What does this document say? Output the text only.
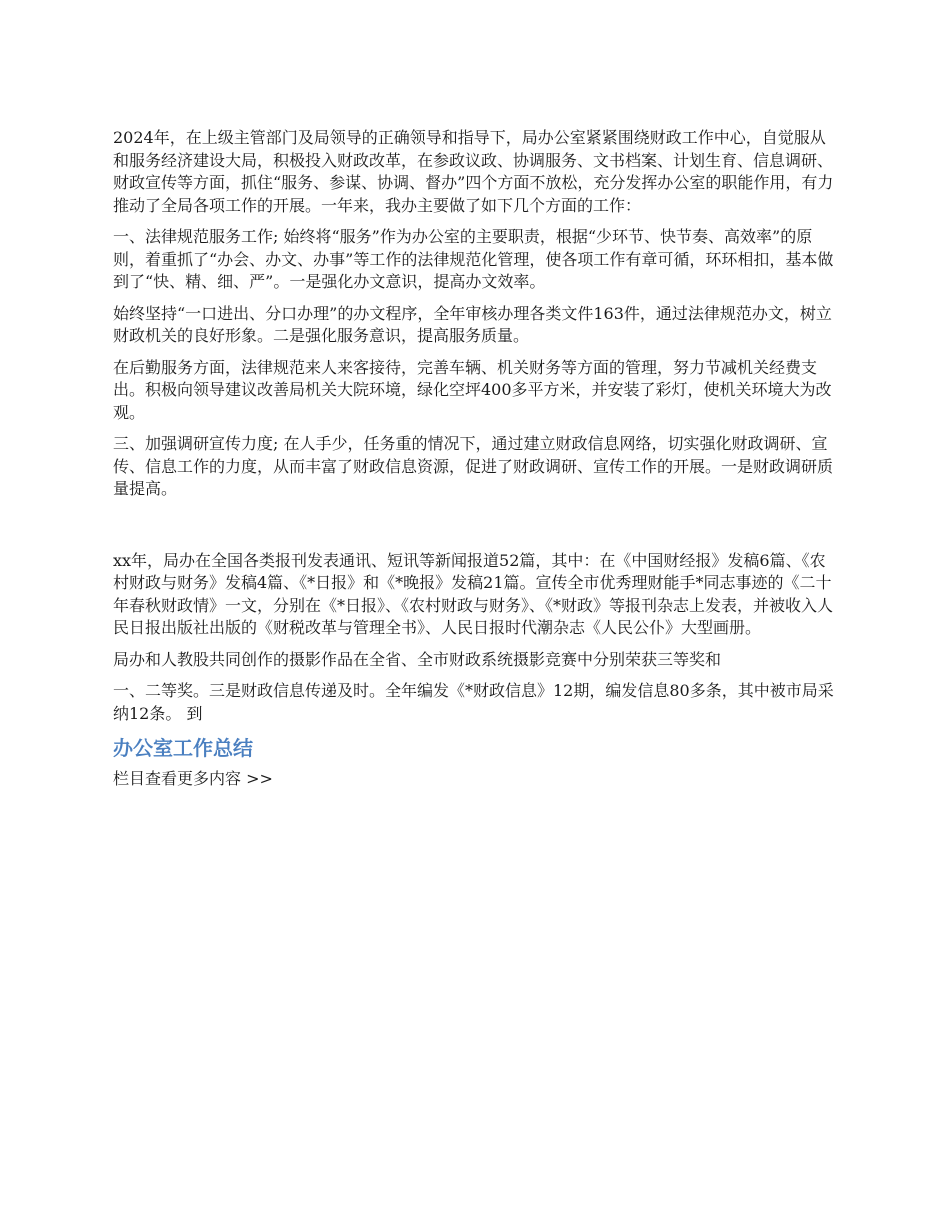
2024年，在上级主管部门及局领导的正确领导和指导下，局办公室紧紧围绕财政工作中心，自觉服从和服务经济建设大局，积极投入财政改革，在参政议政、协调服务、文书档案、计划生育、信息调研、财政宣传等方面，抓住“服务、参谋、协调、督办”四个方面不放松，充分发挥办公室的职能作用，有力推动了全局各项工作的开展。一年来，我办主要做了如下几个方面的工作：

一、法律规范服务工作; 始终将“服务”作为办公室的主要职责，根据“少环节、快节奏、高效率”的原则，着重抓了“办会、办文、办事”等工作的法律规范化管理，使各项工作有章可循，环环相扣，基本做到了“快、精、细、严”。一是强化办文意识，提高办文效率。

始终坚持“一口进出、分口办理”的办文程序，全年审核办理各类文件163件，通过法律规范办文，树立财政机关的良好形象。二是强化服务意识，提高服务质量。

在后勤服务方面，法律规范来人来客接待，完善车辆、机关财务等方面的管理，努力节减机关经费支出。积极向领导建议改善局机关大院环境，绿化空坪400多平方米，并安装了彩灯，使机关环境大为改观。

三、加强调研宣传力度; 在人手少，任务重的情况下，通过建立财政信息网络，切实强化财政调研、宣传、信息工作的力度，从而丰富了财政信息资源，促进了财政调研、宣传工作的开展。一是财政调研质量提高。

xx年，局办在全国各类报刊发表通讯、短讯等新闻报道52篇，其中：在《中国财经报》发稿6篇、《农村财政与财务》发稿4篇、《*日报》和《*晚报》发稿21篇。宣传全市优秀理财能手*同志事迹的《二十年春秋财政情》一文，分别在《*日报》、《农村财政与财务》、《*财政》等报刊杂志上发表，并被收入人民日报出版社出版的《财税改革与管理全书》、人民日报时代潮杂志《人民公仆》大型画册。

局办和人教股共同创作的摄影作品在全省、全市财政系统摄影竞赛中分别荣获三等奖和

一、二等奖。三是财政信息传递及时。全年编发《*财政信息》12期，编发信息80多条，其中被市局采纳12条。 到

办公室工作总结

栏目查看更多内容 >>
